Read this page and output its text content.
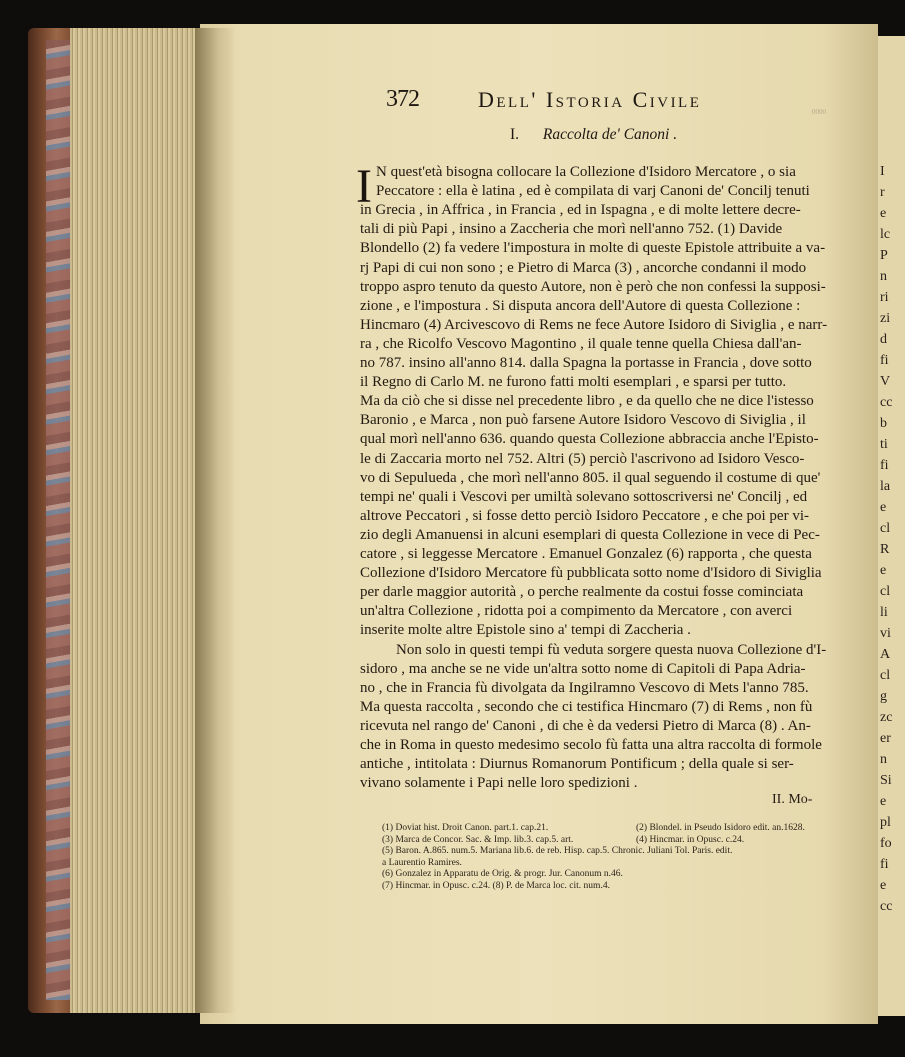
I
r
e
lc
P
n
ri
zi
d
fi
V
cc
b
ti
fi
la
e
cl
R
e
cl
li
vi
A
cl
g
zc
er
n
Si
e
pl
fo
fi
e
cc
372	Dell' Istoria Civile	0000
I. Raccolta de' Canoni .
I N quest'età bisogna collocare la Collezione d'Isidoro Mercatore , o sia
Peccatore : ella è latina , ed è compilata di varj Canoni de' Concilj tenuti
in Grecia , in Affrica , in Francia , ed in Ispagna , e di molte lettere decre-
tali di più Papi , insino a Zaccheria che morì nell'anno 752. (1) Davide
Blondello (2) fa vedere l'impostura in molte di queste Epistole attribuite a va-
rj Papi di cui non sono ; e Pietro di Marca (3) , ancorche condanni il modo
troppo aspro tenuto da questo Autore, non è però che non confessi la supposi-
zione , e l'impostura . Si disputa ancora dell'Autore di questa Collezione :
Hincmaro (4) Arcivescovo di Rems ne fece Autore Isidoro di Siviglia , e narr-
ra , che Ricolfo Vescovo Magontino , il quale tenne quella Chiesa dall'an-
no 787. insino all'anno 814. dalla Spagna la portasse in Francia , dove sotto
il Regno di Carlo M. ne furono fatti molti esemplari , e sparsi per tutto.
Ma da ciò che si disse nel precedente libro , e da quello che ne dice l'istesso
Baronio , e Marca , non può farsene Autore Isidoro Vescovo di Siviglia , il
qual morì nell'anno 636. quando questa Collezione abbraccia anche l'Episto-
le di Zaccaria morto nel 752. Altri (5) perciò l'ascrivono ad Isidoro Vesco-
vo di Sepulueda , che morì nell'anno 805. il qual seguendo il costume di que'
tempi ne' quali i Vescovi per umiltà solevano sottoscriversi ne' Concilj , ed
altrove Peccatori , si fosse detto perciò Isidoro Peccatore , e che poi per vi-
zio degli Amanuensi in alcuni esemplari di questa Collezione in vece di Pec-
catore , si leggesse Mercatore . Emanuel Gonzalez (6) rapporta , che questa
Collezione d'Isidoro Mercatore fù pubblicata sotto nome d'Isidoro di Siviglia
per darle maggior autorità , o perche realmente da costui fosse cominciata
un'altra Collezione , ridotta poi a compimento da Mercatore , con averci
inserite molte altre Epistole sino a' tempi di Zaccheria .
Non solo in questi tempi fù veduta sorgere questa nuova Collezione d'I-
sidoro , ma anche se ne vide un'altra sotto nome di Capitoli di Papa Adria-
no , che in Francia fù divolgata da Ingilramno Vescovo di Mets l'anno 785.
Ma questa raccolta , secondo che ci testifica Hincmaro (7) di Rems , non fù
ricevuta nel rango de' Canoni , di che è da vedersi Pietro di Marca (8) . An-
che in Roma in questo medesimo secolo fù fatta una altra raccolta di formole
antiche , intitolata : Diurnus Romanorum Pontificum ; della quale si ser-
vivano solamente i Papi nelle loro spedizioni .
II. Mo-
(1) Doviat hist. Droit Canon. part.1. cap.21.	(2) Blondel. in Pseudo Isidoro edit. an.1628.
(3) Marca de Concor. Sac. & Imp. lib.3. cap.5. art.	(4) Hincmar. in Opusc. c.24.
(5) Baron. A.865. num.5. Mariana lib.6. de reb. Hisp. cap.5. Chronic. Juliani Tol. Paris. edit.
a Laurentio Ramires.
(6) Gonzalez in Apparatu de Orig. & progr. Jur. Canonum n.46.
(7) Hincmar. in Opusc. c.24. (8) P. de Marca loc. cit. num.4.
